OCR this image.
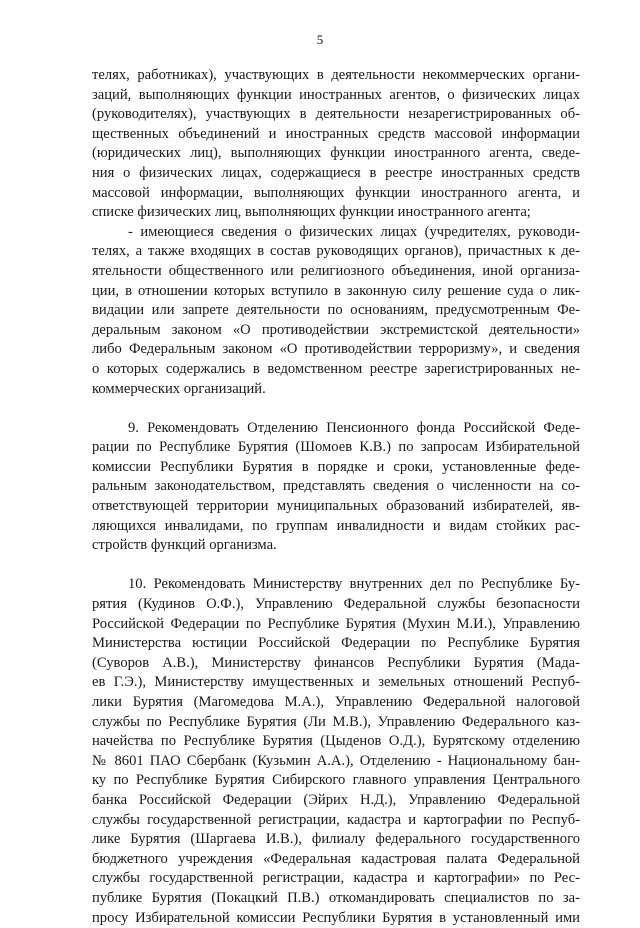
5
телях, работниках), участвующих в деятельности некоммерческих органи-
заций, выполняющих функции иностранных агентов, о физических лицах
(руководителях), участвующих в деятельности незарегистрированных об-
щественных объединений и иностранных средств массовой информации
(юридических лиц), выполняющих функции иностранного агента, сведе-
ния о физических лицах, содержащиеся в реестре иностранных средств
массовой информации, выполняющих функции иностранного агента, и
списке физических лиц, выполняющих функции иностранного агента;
- имеющиеся сведения о физических лицах (учредителях, руководи-
телях, а также входящих в состав руководящих органов), причастных к де-
ятельности общественного или религиозного объединения, иной организа-
ции, в отношении которых вступило в законную силу решение суда о лик-
видации или запрете деятельности по основаниям, предусмотренным Фе-
деральным законом «О противодействии экстремистской деятельности»
либо Федеральным законом «О противодействии терроризму», и сведения
о которых содержались в ведомственном реестре зарегистрированных не-
коммерческих организаций.
9. Рекомендовать Отделению Пенсионного фонда Российской Феде-
рации по Республике Бурятия (Шомоев К.В.) по запросам Избирательной
комиссии Республики Бурятия в порядке и сроки, установленные феде-
ральным законодательством, представлять сведения о численности на со-
ответствующей территории муниципальных образований избирателей, яв-
ляющихся инвалидами, по группам инвалидности и видам стойких рас-
стройств функций организма.
10. Рекомендовать Министерству внутренних дел по Республике Бу-
рятия (Кудинов О.Ф.), Управлению Федеральной службы безопасности
Российской Федерации по Республике Бурятия (Мухин М.И.), Управлению
Министерства юстиции Российской Федерации по Республике Бурятия
(Суворов А.В.), Министерству финансов Республики Бурятия (Мада-
ев Г.Э.), Министерству имущественных и земельных отношений Респуб-
лики Бурятия (Магомедова М.А.), Управлению Федеральной налоговой
службы по Республике Бурятия (Ли М.В.), Управлению Федерального каз-
начейства по Республике Бурятия (Цыденов О.Д.), Бурятскому отделению
№ 8601 ПАО Сбербанк (Кузьмин А.А.), Отделению - Национальному бан-
ку по Республике Бурятия Сибирского главного управления Центрального
банка Российской Федерации (Эйрих Н.Д.), Управлению Федеральной
службы государственной регистрации, кадастра и картографии по Респуб-
лике Бурятия (Шаргаева И.В.), филиалу федерального государственного
бюджетного учреждения «Федеральная кадастровая палата Федеральной
службы государственной регистрации, кадастра и картографии» по Рес-
публике Бурятия (Покацкий П.В.) откомандировать специалистов по за-
просу Избирательной комиссии Республики Бурятия в установленный ими
